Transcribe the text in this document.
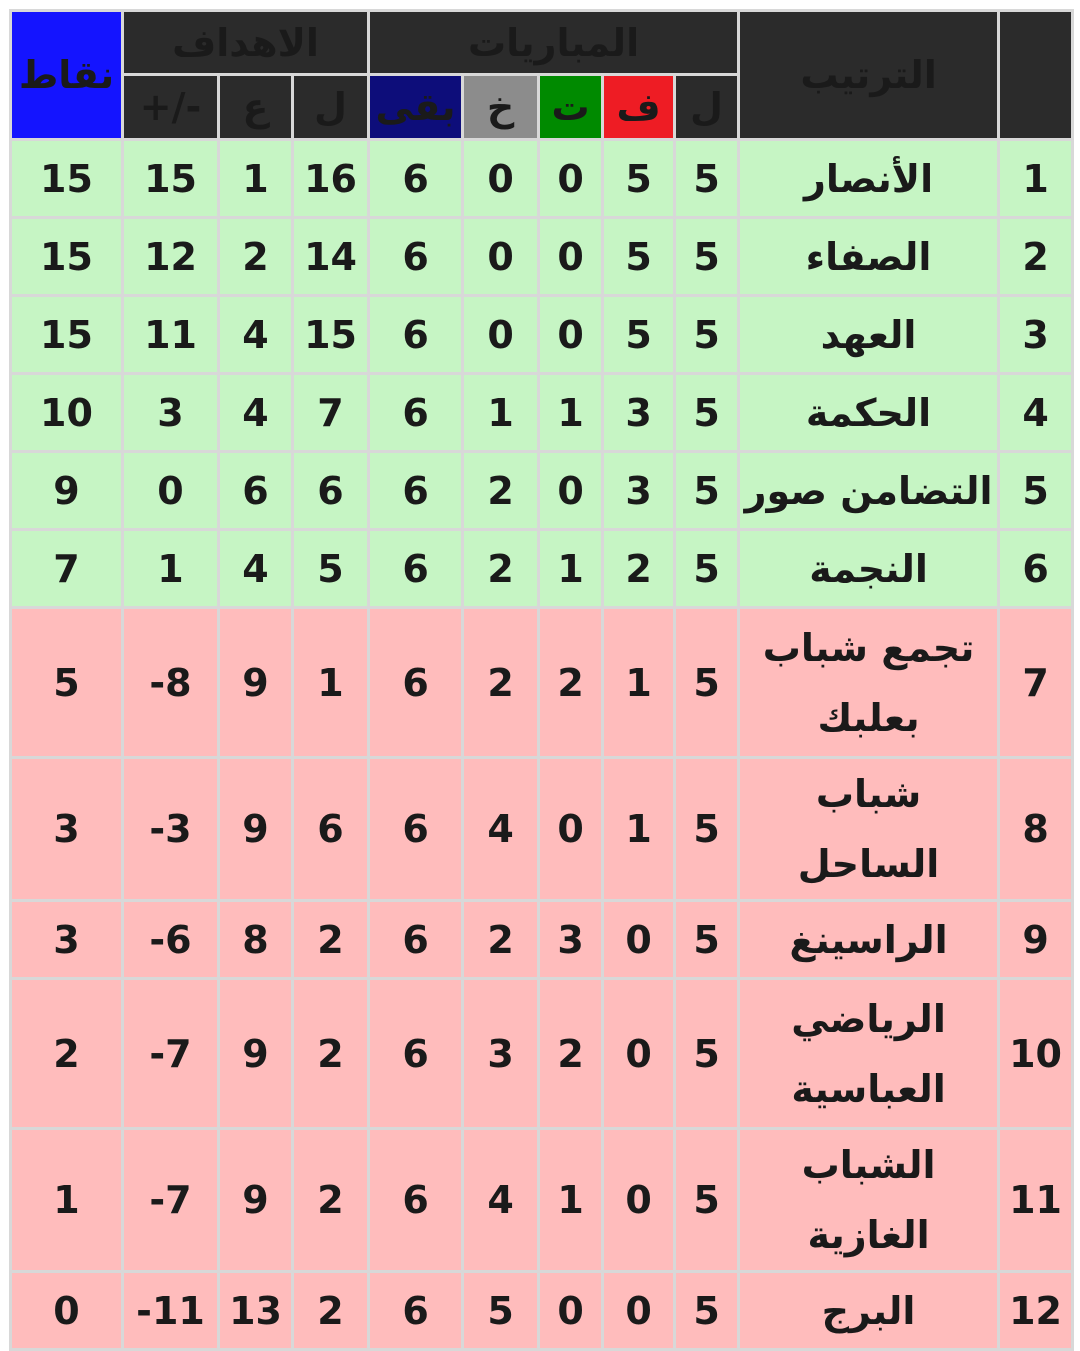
	الترتيب	المباريات					الاهداف			نقاط
		ل	ف	ت	خ	بقى	ل	ع	+/-	
1	الأنصار	5	5	0	0	6	16	1	15	15
2	الصفاء	5	5	0	0	6	14	2	12	15
3	العهد	5	5	0	0	6	15	4	11	15
4	الحكمة	5	3	1	1	6	7	4	3	10
5	التضامن صور	5	3	0	2	6	6	6	0	9
6	النجمة	5	2	1	2	6	5	4	1	7
7	تجمع شباب بعلبك	5	1	2	2	6	1	9	8-	5
8	شباب الساحل	5	1	0	4	6	6	9	3-	3
9	الراسينغ	5	0	3	2	6	2	8	6-	3
10	الرياضي العباسية	5	0	2	3	6	2	9	7-	2
11	الشباب الغازية	5	0	1	4	6	2	9	7-	1
12	البرج	5	0	0	5	6	2	13	11-	0
